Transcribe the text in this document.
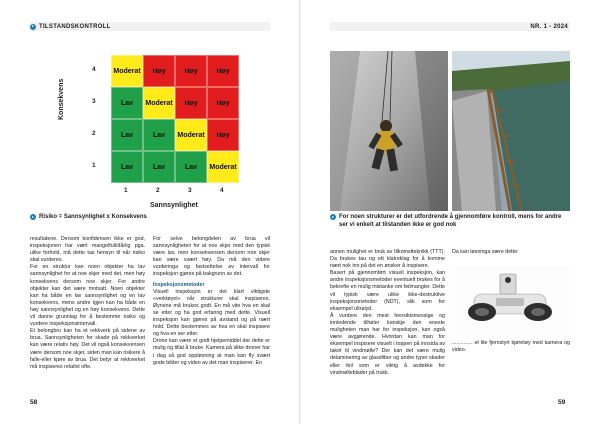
TILSTANDSKONTROLL
Konsekvens
4
3
2
1
Moderat	Høy	Høy	Høy
Lav	Moderat	Høy	Høy
Lav	Lav	Moderat	Høy
Lav	Lav	Lav	Moderat
1	2	3	4
Sannsynlighet
Risiko = Sannsynlighet x Konsekvens
resultatene. Dersom konfidensen ikke er god, inspeksjonen har vært mangelfull/dårlig pga. ulike forhold, må dette tas hensyn til når risiko skal vurderes.
For en struktur kan noen objekter ha lav sannsynlighet for at noe skjer med det, men høy konsekvens dersom noe skjer. For andre objekter kan det være motsatt. Noen objekter kan ha både en lav sannsynlighet og en lav konsekvens, mens andre igjen kan ha både en høy sannsynlighet og en høy konsekvens. Dette vil danne grunnlag for å bestemme risiko og vurdere inspeksjonsintervall.
Et belongbru kan ha et rekkverk på sidene av brua. Sannsynligheten for skade på rekkverket kan være relativ høy. Det vil også konsekvensen være dersom noe skjer, siden man kan risikere å falle-eller kjøre av brua. Det betyr at rekkverket må inspiseres relativt ofte.

For selve betongdelen av brua vil sannsynligheten for at noe skjer med den typisk være lav, men konsekvensen dersom noe skjer kan være svært høy. Da må den videre vurderinga og fastsettelse av intervall for inspeksjon gjøres på bakgrunn av det.

Inspeksjonsmetoder

Visuell inspeksjon er det klart viktigste «verktøyet» når strukturer skal inspiseres. Øynene må brukes godt. En må vite hva en skal se etter og ha god erfaring med dette. Visuell inspeksjon kan gjøres på avstand og på nært hold. Dette bestemmes av hva en skal inspisere og hva en ser etter.
Drone kan være et godt hjelpemiddel der dette er mulig og tillat å bruke. Kamera på slike droner har i dag så god oppløsning at man kan fly svært gode bilder og video av det man inspiserer. En

58
NR. 1 - 2024
For noen strukturer er det utfordrende å gjennomføre kontroll, mens for andre ser vi enkelt at tilstanden ikke er god nok
annen mulighet er bruk av tilkomstteknikk (TTT). Da brukes tau og ett klatreklag for å komme nært nok inn på det en ønsker å inspisere.
Basert på gjennomført visuell inspeksjon, kan andre inspeksjonsmetoder eventuelt brukes for å bekrefte en mulig mistanke om feilmangler. Dette vil typisk være ulike ikke-destruktive inspeksjonsmetoder (NDT), slik som for eksempel ultralyd.
Å vurdere den mest hensiktsmessige og innledende tilhøler kanskje den eneste muligheten man har for inspeksjon, kan også være avgjørende. Hvordan kan man for eksempel inspisere visuelt i toppen på innsida av taket til vindmølle? Der kan det være mulig delaminering av glassfiber og andre typer skader eller feil som er viktig å avdekke for vindmølleblader på trukk.
Da kan løsninga være dette:
.............. et lite fjernstyrt kjøretøy med kamera og video.
59
